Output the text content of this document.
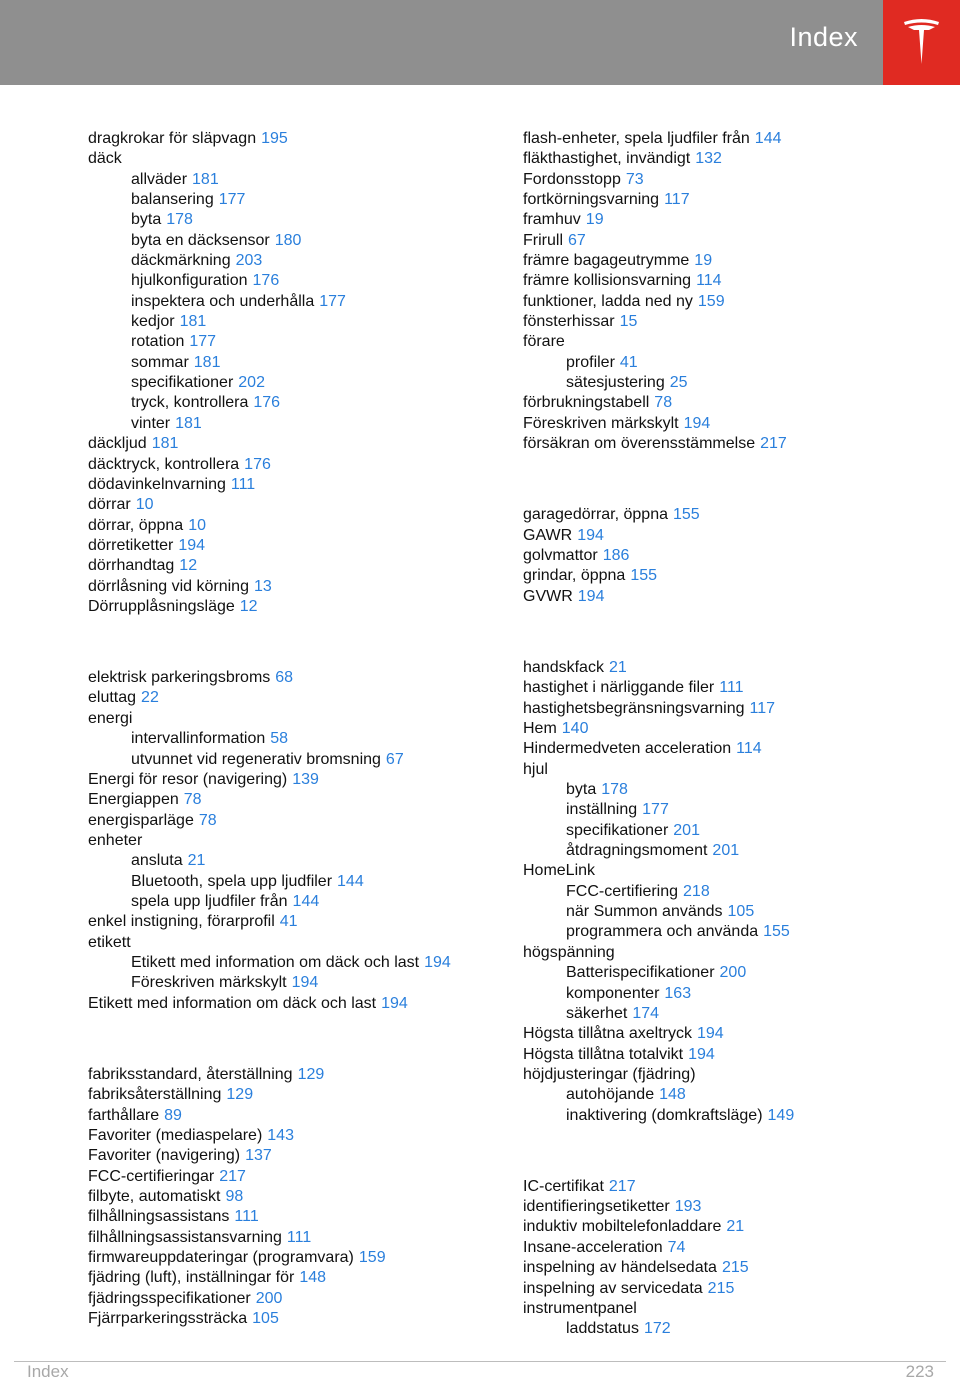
Index
dragkrokar för släpvagn 195
däck
allväder 181
balansering 177
byta 178
byta en däcksensor 180
däckmärkning 203
hjulkonfiguration 176
inspektera och underhålla 177
kedjor 181
rotation 177
sommar 181
specifikationer 202
tryck, kontrollera 176
vinter 181
däckljud 181
däcktryck, kontrollera 176
dödavinkelnvarning 111
dörrar 10
dörrar, öppna 10
dörretiketter 194
dörrhandtag 12
dörrlåsning vid körning 13
Dörrupplåsningsläge 12
elektrisk parkeringsbroms 68
eluttag 22
energi
intervallinformation 58
utvunnet vid regenerativ bromsning 67
Energi för resor (navigering) 139
Energiappen 78
energisparläge 78
enheter
ansluta 21
Bluetooth, spela upp ljudfiler 144
spela upp ljudfiler från 144
enkel instigning, förarprofil 41
etikett
Etikett med information om däck och last 194
Föreskriven märkskylt 194
Etikett med information om däck och last 194
fabriksstandard, återställning 129
fabriksåterställning 129
farthållare 89
Favoriter (mediaspelare) 143
Favoriter (navigering) 137
FCC-certifieringar 217
filbyte, automatiskt 98
filhållningsassistans 111
filhållningsassistansvarning 111
firmwareuppdateringar (programvara) 159
fjädring (luft), inställningar för 148
fjädringsspecifikationer 200
Fjärrparkeringssträcka 105
flash-enheter, spela ljudfiler från 144
fläkthastighet, invändigt 132
Fordonsstopp 73
fortkörningsvarning 117
framhuv 19
Frirull 67
främre bagageutrymme 19
främre kollisionsvarning 114
funktioner, ladda ned ny 159
fönsterhissar 15
förare
profiler 41
sätesjustering 25
förbrukningstabell 78
Föreskriven märkskylt 194
försäkran om överensstämmelse 217
garagedörrar, öppna 155
GAWR 194
golvmattor 186
grindar, öppna 155
GVWR 194
handskfack 21
hastighet i närliggande filer 111
hastighetsbegränsningsvarning 117
Hem 140
Hindermedveten acceleration 114
hjul
byta 178
inställning 177
specifikationer 201
åtdragningsmoment 201
HomeLink
FCC-certifiering 218
när Summon används 105
programmera och använda 155
högspänning
Batterispecifikationer 200
komponenter 163
säkerhet 174
Högsta tillåtna axeltryck 194
Högsta tillåtna totalvikt 194
höjdjusteringar (fjädring)
autohöjande 148
inaktivering (domkraftsläge) 149
IC-certifikat 217
identifieringsetiketter 193
induktiv mobiltelefonladdare 21
Insane-acceleration 74
inspelning av händelsedata 215
inspelning av servicedata 215
instrumentpanel
laddstatus 172
Index	223
